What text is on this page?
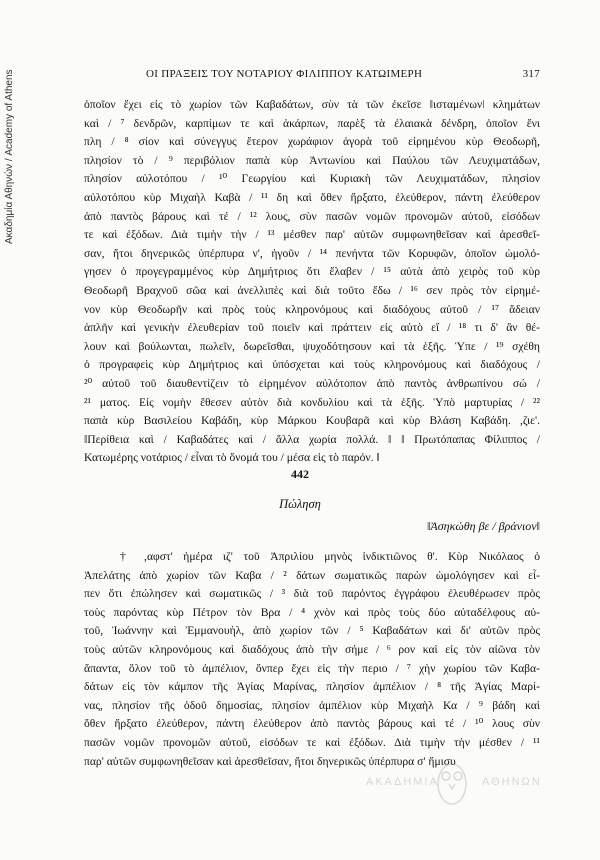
Ακαδημία Αθηνών / Academy of Athens	ΟΙ ΠΡΑΞΕΙΣ ΤΟΥ ΝΟΤΑΡΙΟΥ ΦΙΛΙΠΠΟΥ ΚΑΤΩΙΜΕΡΗ	317
ὁποῖον ἔχει εἰς τὸ χωρίον τῶν Καβαδάτων, σὺν τὰ τῶν ἐκεῖσε ǁισταμένωνǀ κλημάτων
καὶ / ⁷ δενδρῶν, καρπίμων τε καὶ ἀκάρπων, παρὲξ τὰ ἐλαιακὰ δένδρη, ὁποῖον ἔνι
πλη / ⁸ σίον καὶ σύνεγγυς ἕτερον χωράφιον ἀγορὰ τοῦ εἰρημένου κὺρ Θεοδωρῆ,
πλησίον τὸ / ⁹ περιβόλιον παπὰ κὺρ Ἀντωνίου καὶ Παύλου τῶν Λευχιματάδων,
πλησίον αὐλοτόπου / ¹⁰ Γεωργίου καὶ Κυριακὴ τῶν Λευχιματάδων, πλησίον
αὐλοτόπου κὺρ Μιχαὴλ Καβὰ / ¹¹ δη καὶ ὅθεν ἤρξατο, ἐλεύθερον, πάντη ἐλεύθερον
ἀπὸ παντὸς βάρους καὶ τέ / ¹² λους, σὺν πασῶν νομῶν προνομῶν αὐτοῦ, εἰσόδων
τε καὶ ἐξόδων. Διὰ τιμὴν τὴν / ¹³ μέσθεν παρ' αὐτῶν συμφωνηθεῖσαν καὶ ἀρεσθεῖ-
σαν, ἤτοι δηνερικῶς ὑπέρπυρα ν', ἠγοῦν / ¹⁴ πενήντα τῶν Κορυφῶν, ὁποῖον ὡμολό-
γησεν ὁ προγεγραμμένος κὺρ Δημήτριος ὅτι ἔλαβεν / ¹⁵ αὐτὰ ἀπὸ χειρὸς τοῦ κὺρ
Θεοδωρῆ Βραχνοῦ σῶα καὶ ἀνελλιπὲς καὶ διὰ τοῦτο ἔδω / ¹⁶ σεν πρὸς τὸν εἰρημέ-
νον κὺρ Θεοδωρῆν καὶ πρὸς τοὺς κληρονόμους καὶ διαδόχους αὐτοῦ / ¹⁷ ἄδειαν
ἁπλῆν καὶ γενικὴν ἐλευθερίαν τοῦ ποιεῖν καὶ πράττειν εἰς αὐτὸ εἴ / ¹⁸ τι δ' ἂν θέ-
λουν καὶ βούλωνται, πωλεῖν, δωρεῖσθαι, ψυχοδότησουν καὶ τὰ ἑξῆς. Ὑπε / ¹⁹ σχέθη
ὁ προγραφεὶς κὺρ Δημήτριος καὶ ὑπόσχεται καὶ τοὺς κληρονόμους καὶ διαδόχους /
²⁰ αὐτοῦ τοῦ διαυθεντίζειν τὸ εἰρημένον αὐλότοπον ἀπὸ παντὸς ἀνθρωπίνου σώ /
²¹ ματος. Εἰς νομὴν ἔθεσεν αὐτὸν διὰ κονδυλίου καὶ τὰ ἑξῆς. Ὑπὸ μαρτυρίας / ²²
παπὰ κὺρ Βασιλείου Καβάδη, κὺρ Μάρκου Κουβαρᾶ καὶ κὺρ Βλάση Καβάδη. ,ζιε'.
ǁΠερίθεια καὶ / Καβαδάτες καὶ / ἄλλα χωρία πολλά. ǁ ǁ Πρωτόπαπας Φίλιππος /
Κατωμέρης νοτάριος / εἶναι τὸ ὄνομά του / μέσα εἰς τὸ παρόν. ǁ
442
Πώληση
ǁἈσηκώθη βε / βράνιονǁ
† ,αφστ' ἡμέρα ιζ' τοῦ Ἀπριλίου μηνὸς ἰνδικτιῶνος θ'. Κὺρ Νικόλαος ὁ
Ἀπελάτης ἀπὸ χωρίον τῶν Καβα / ² δάτων σωματικῶς παρὼν ὡμολόγησεν καὶ εἶ-
πεν ὅτι ἐπώλησεν καὶ σωματικῶς / ³ διὰ τοῦ παρόντος ἐγγράφου ἐλευθέρωσεν πρὸς
τοὺς παρόντας κὺρ Πέτρον τὸν Βρα / ⁴ χνὸν καὶ πρὸς τοὺς δύο αὐταδέλφους αὐ-
τοῦ, Ἰωάννην καὶ Ἐμμανουὴλ, ἀπὸ χωρίον τῶν / ⁵ Καβαδάτων καὶ δι' αὐτῶν πρὸς
τοὺς αὐτῶν κληρονόμους καὶ διαδόχους ἀπὸ τὴν σήμε / ⁶ ρον καὶ εἰς τὸν αἰῶνα τὸν
ἅπαντα, ὅλον τοῦ τὸ ἀμπέλιον, ὅνπερ ἔχει εἰς τὴν περιο / ⁷ χὴν χωρίου τῶν Καβα-
δάτων εἰς τὸν κάμπον τῆς Ἁγίας Μαρίνας, πλησίον ἀμπέλιον / ⁸ τῆς Ἁγίας Μαρί-
νας, πλησίον τῆς ὁδοῦ δημοσίας, πλησίον ἀμπέλιον κὺρ Μιχαὴλ Κα / ⁹ βάδη καὶ
ὅθεν ἤρξατο ἐλεύθερον, πάντη ἐλεύθερον ἀπὸ παντὸς βάρους καὶ τέ / ¹⁰ λους σὺν
πασῶν νομῶν προνομῶν αὐτοῦ, εἰσόδων τε καὶ ἐξόδων. Διὰ τιμὴν τὴν μέσθεν / ¹¹
παρ' αὐτῶν συμφωνηθεῖσαν καὶ ἀρεσθεῖσαν, ἤτοι δηνερικῶς ὑπέρπυρα σ' ἥμισυ
ΑΚΑΔΗΜΙΑ	ΑΘΗΝΩΝ
